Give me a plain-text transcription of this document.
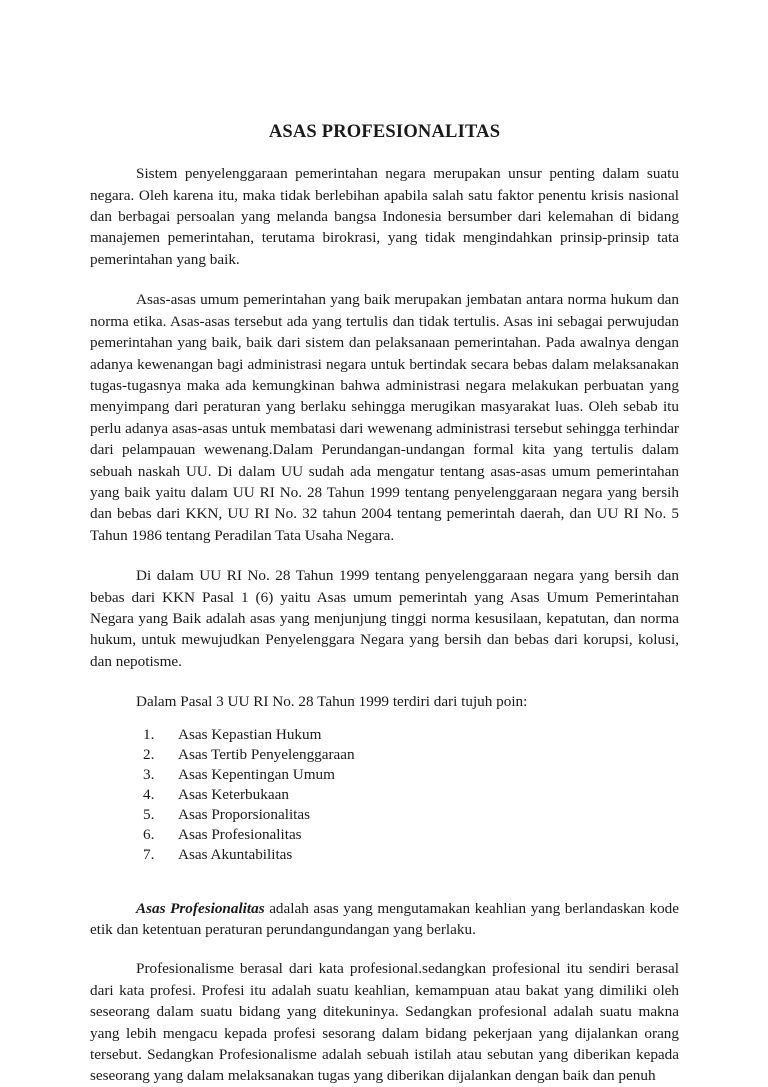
ASAS PROFESIONALITAS

Sistem penyelenggaraan pemerintahan negara merupakan unsur penting dalam suatu negara. Oleh karena itu, maka tidak berlebihan apabila salah satu faktor penentu krisis nasional dan berbagai persoalan yang melanda bangsa Indonesia bersumber dari kelemahan di bidang manajemen pemerintahan, terutama birokrasi, yang tidak mengindahkan prinsip-prinsip tata pemerintahan yang baik.

Asas-asas umum pemerintahan yang baik merupakan jembatan antara norma hukum dan norma etika. Asas-asas tersebut ada yang tertulis dan tidak tertulis. Asas ini sebagai perwujudan pemerintahan yang baik, baik dari sistem dan pelaksanaan pemerintahan. Pada awalnya dengan adanya kewenangan bagi administrasi negara untuk bertindak secara bebas dalam melaksanakan tugas-tugasnya maka ada kemungkinan bahwa administrasi negara melakukan perbuatan yang menyimpang dari peraturan yang berlaku sehingga merugikan masyarakat luas. Oleh sebab itu perlu adanya asas-asas untuk membatasi dari wewenang administrasi tersebut sehingga terhindar dari pelampauan wewenang.Dalam Perundangan-undangan formal kita yang tertulis dalam sebuah naskah UU. Di dalam UU sudah ada mengatur tentang asas-asas umum pemerintahan yang baik yaitu dalam UU RI No. 28 Tahun 1999 tentang penyelenggaraan negara yang bersih dan bebas dari KKN, UU RI No. 32 tahun 2004 tentang pemerintah daerah, dan UU RI No. 5 Tahun 1986 tentang Peradilan Tata Usaha Negara.

Di dalam UU RI No. 28 Tahun 1999 tentang penyelenggaraan negara yang bersih dan bebas dari KKN Pasal 1 (6) yaitu Asas umum pemerintah yang Asas Umum Pemerintahan Negara yang Baik adalah asas yang menjunjung tinggi norma kesusilaan, kepatutan, dan norma hukum, untuk mewujudkan Penyelenggara Negara yang bersih dan bebas dari korupsi, kolusi, dan nepotisme.

Dalam Pasal 3 UU RI No. 28 Tahun 1999 terdiri dari tujuh poin:

1.	Asas Kepastian Hukum
2.	Asas Tertib Penyelenggaraan
3.	Asas Kepentingan Umum
4.	Asas Keterbukaan
5.	Asas Proporsionalitas
6.	Asas Profesionalitas
7.	Asas Akuntabilitas

Asas Profesionalitas adalah asas yang mengutamakan keahlian yang berlandaskan kode etik dan ketentuan peraturan perundangundangan yang berlaku.

Profesionalisme berasal dari kata profesional.sedangkan profesional itu sendiri berasal dari kata profesi. Profesi itu adalah suatu keahlian, kemampuan atau bakat yang dimiliki oleh seseorang dalam suatu bidang yang ditekuninya. Sedangkan profesional adalah suatu makna yang lebih mengacu kepada profesi sesorang dalam bidang pekerjaan yang dijalankan orang tersebut. Sedangkan Profesionalisme adalah sebuah istilah atau sebutan yang diberikan kepada seseorang yang dalam melaksanakan tugas yang diberikan dijalankan dengan baik dan penuh
